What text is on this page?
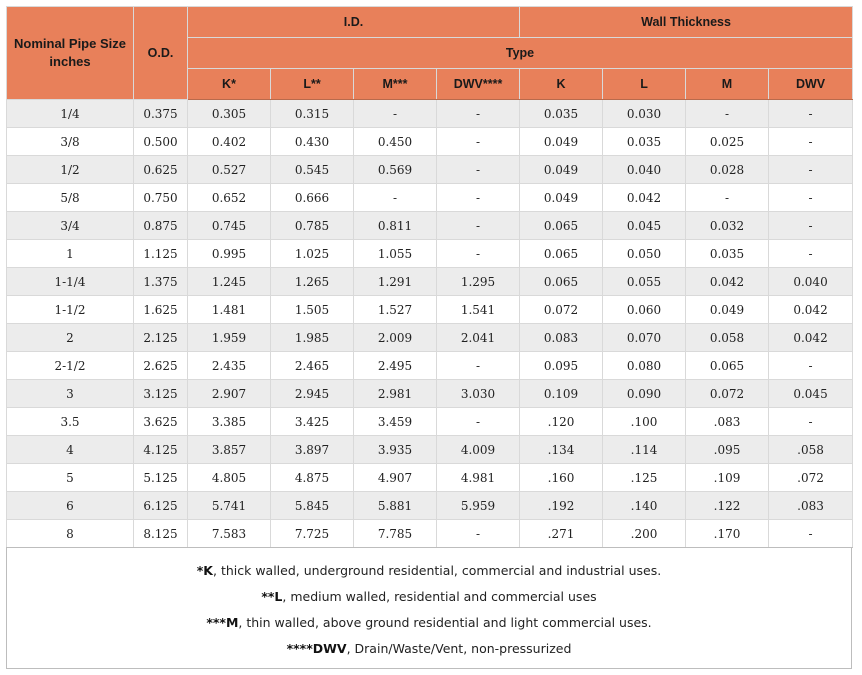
Nominal Pipe Size inches	O.D.	I.D.				Wall Thickness			
		Type							
		K*	L**	M***	DWV****	K	L	M	DWV
1/4	0.375	0.305	0.315	-	-	0.035	0.030	-	-
3/8	0.500	0.402	0.430	0.450	-	0.049	0.035	0.025	-
1/2	0.625	0.527	0.545	0.569	-	0.049	0.040	0.028	-
5/8	0.750	0.652	0.666	-	-	0.049	0.042	-	-
3/4	0.875	0.745	0.785	0.811	-	0.065	0.045	0.032	-
1	1.125	0.995	1.025	1.055	-	0.065	0.050	0.035	-
1-1/4	1.375	1.245	1.265	1.291	1.295	0.065	0.055	0.042	0.040
1-1/2	1.625	1.481	1.505	1.527	1.541	0.072	0.060	0.049	0.042
2	2.125	1.959	1.985	2.009	2.041	0.083	0.070	0.058	0.042
2-1/2	2.625	2.435	2.465	2.495	-	0.095	0.080	0.065	-
3	3.125	2.907	2.945	2.981	3.030	0.109	0.090	0.072	0.045
3.5	3.625	3.385	3.425	3.459	-	.120	.100	.083	-
4	4.125	3.857	3.897	3.935	4.009	.134	.114	.095	.058
5	5.125	4.805	4.875	4.907	4.981	.160	.125	.109	.072
6	6.125	5.741	5.845	5.881	5.959	.192	.140	.122	.083
8	8.125	7.583	7.725	7.785	-	.271	.200	.170	-
*K, thick walled, underground residential, commercial and industrial uses.
**L, medium walled, residential and commercial uses
***M, thin walled, above ground residential and light commercial uses.
****DWV, Drain/Waste/Vent, non-pressurized
